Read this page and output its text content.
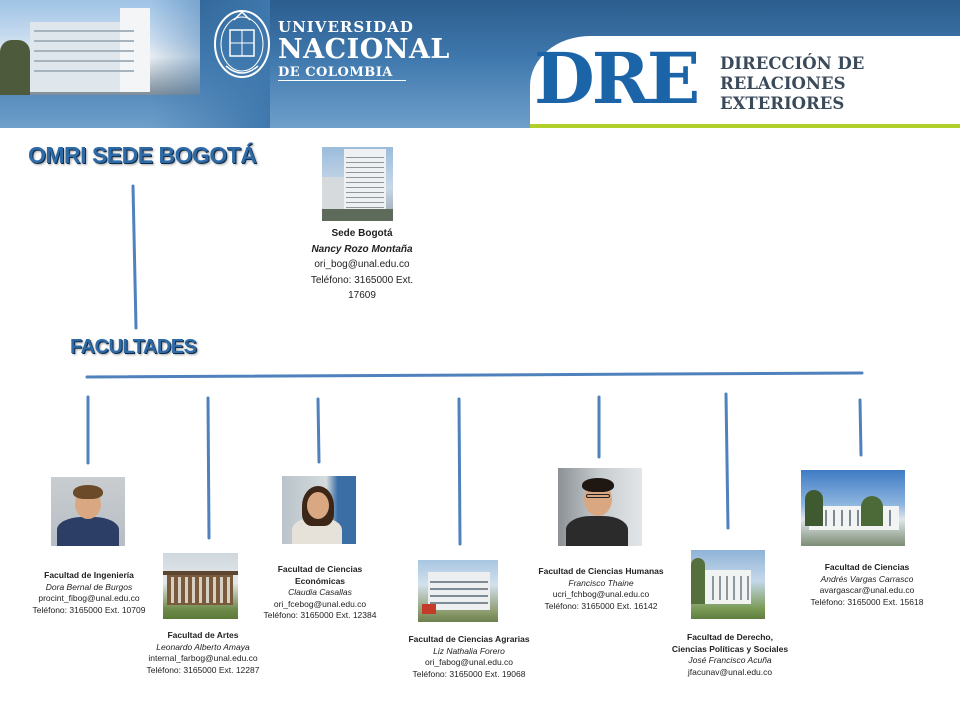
UNIVERSIDAD
NACIONAL
DE COLOMBIA	DRE DIRECCIÓN DE
RELACIONES
EXTERIORES
OMRI SEDE BOGOTÁ
FACULTADES
Sede Bogotá
Nancy Rozo Montaña
ori_bog@unal.edu.co
Teléfono: 3165000 Ext.
17609
Facultad de Ingeniería
Dora Bernal de Burgos
procint_fibog@unal.edu.co
Teléfono: 3165000 Ext. 10709
Facultad de Artes
Leonardo Alberto Amaya
internal_farbog@unal.edu.co
Teléfono: 3165000 Ext. 12287
Facultad de Ciencias
Económicas
Claudia Casallas
ori_fcebog@unal.edu.co
Teléfono: 3165000 Ext. 12384
Facultad de Ciencias Agrarias
Liz Nathalia Forero
ori_fabog@unal.edu.co
Teléfono: 3165000 Ext. 19068
Facultad de Ciencias Humanas
Francisco Thaine
ucri_fchbog@unal.edu.co
Teléfono: 3165000 Ext. 16142
Facultad de Derecho,
Ciencias Políticas y Sociales
José Francisco Acuña
jfacunav@unal.edu.co
Facultad de Ciencias
Andrés Vargas Carrasco
avargascar@unal.edu.co
Teléfono: 3165000 Ext. 15618
